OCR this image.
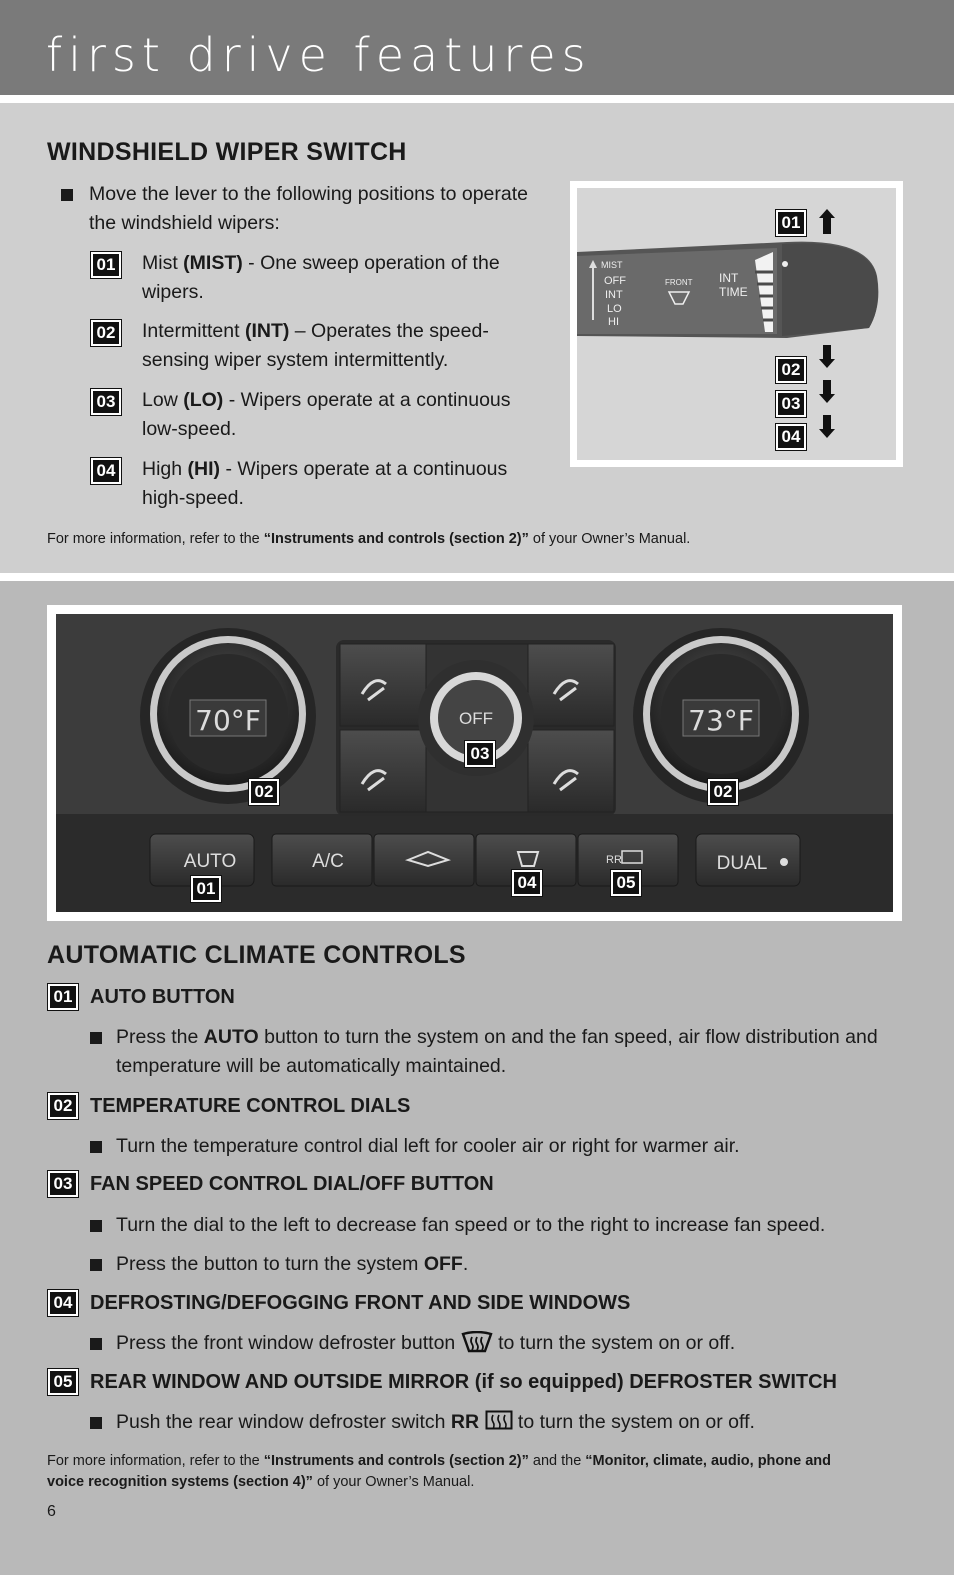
first drive features
WINDSHIELD WIPER SWITCH
Move the lever to the following positions to operate
the windshield wipers:
01 Mist (MIST) - One sweep operation of the
wipers.
02 Intermittent (INT) – Operates the speed-
sensing wiper system intermittently.
03 Low (LO) - Wipers operate at a continuous
low-speed.
04 High (HI) - Wipers operate at a continuous
high-speed.
For more information, refer to the “Instruments and controls (section 2)” of your Owner’s Manual.
MIST
OFF
INT
LO
HI
FRONT INT
TIME
01
02
03
04
70°F	73°F
OFF
AUTO	A/C	RR	DUAL
01
02
03
02
04	05
AUTOMATIC CLIMATE CONTROLS
01 AUTO BUTTON
Press the AUTO button to turn the system on and the fan speed, air flow distribution and
temperature will be automatically maintained.
02 TEMPERATURE CONTROL DIALS
Turn the temperature control dial left for cooler air or right for warmer air.
03 FAN SPEED CONTROL DIAL/OFF BUTTON
Turn the dial to the left to decrease fan speed or to the right to increase fan speed.
Press the button to turn the system OFF.
04 DEFROSTING/DEFOGGING FRONT AND SIDE WINDOWS
Press the front window defroster button to turn the system on or off.
05 REAR WINDOW AND OUTSIDE MIRROR (if so equipped) DEFROSTER SWITCH
Push the rear window defroster switch RR to turn the system on or off.
For more information, refer to the “Instruments and controls (section 2)” and the “Monitor, climate, audio, phone and
voice recognition systems (section 4)” of your Owner’s Manual.
6
